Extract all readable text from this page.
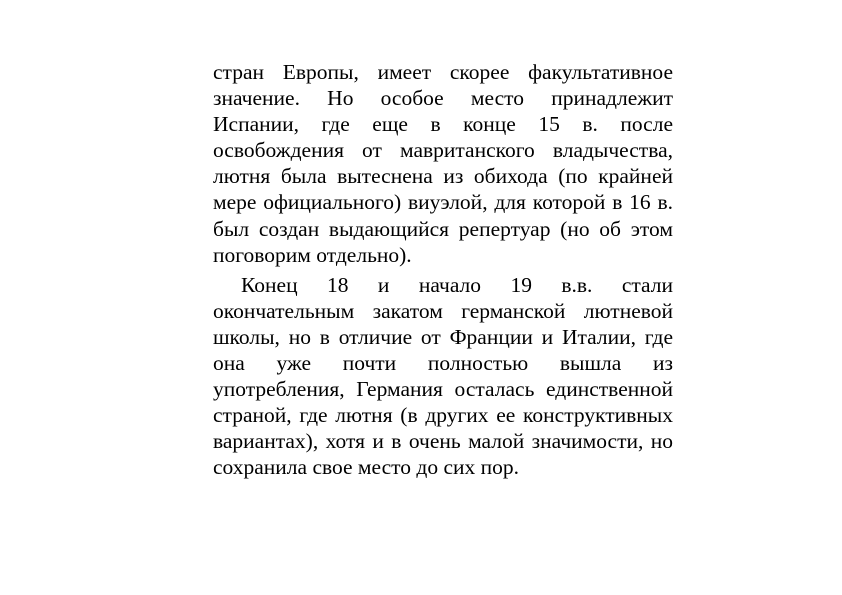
стран Европы, имеет скорее факультативное
значение. Но особое место принадлежит
Испании, где еще в конце 15 в. после
освобождения от мавританского владычества,
лютня была вытеснена из обихода (по крайней
мере официального) виуэлой, для которой в 16 в.
был создан выдающийся репертуар (но об этом
поговорим отдельно).

Конец 18 и начало 19 в.в. стали
окончательным закатом германской лютневой
школы, но в отличие от Франции и Италии, где
она уже почти полностью вышла из
употребления, Германия осталась единственной
страной, где лютня (в других ее конструктивных
вариантах), хотя и в очень малой значимости, но
сохранила свое место до сих пор.
